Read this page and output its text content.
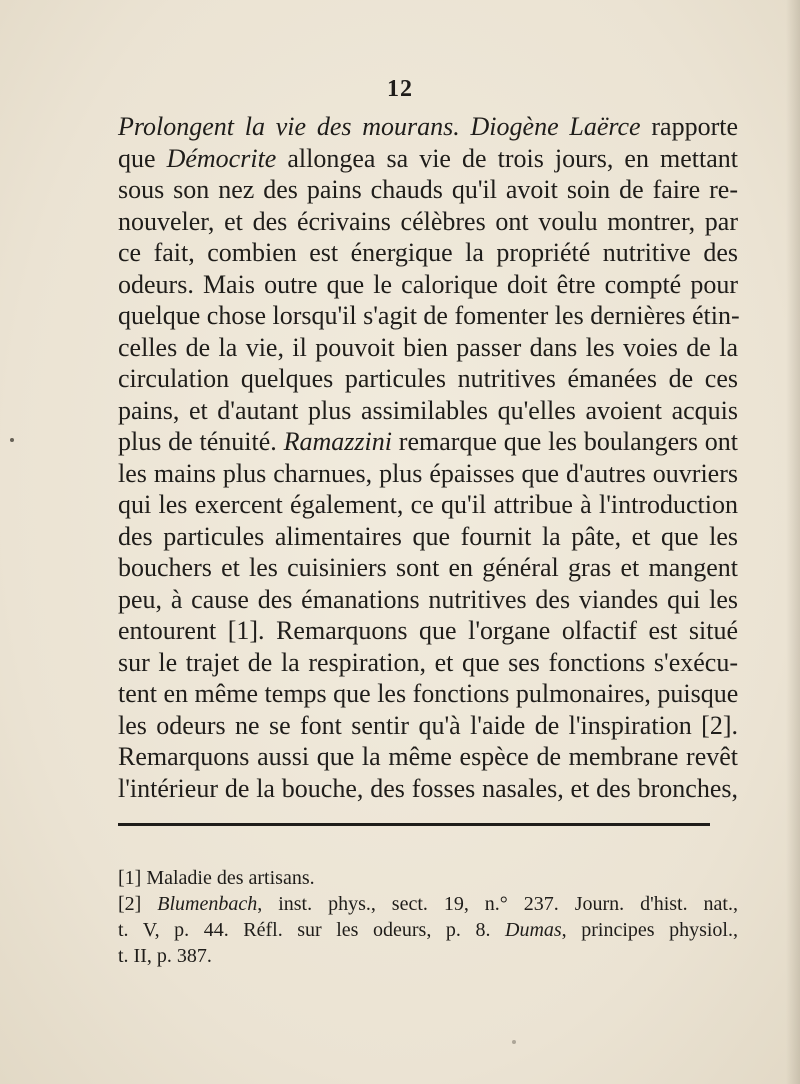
12
Prolongent la vie des mourans. Diogène Laërce rapporte
que Démocrite allongea sa vie de trois jours, en mettant
sous son nez des pains chauds qu'il avoit soin de faire re-
nouveler, et des écrivains célèbres ont voulu montrer, par
ce fait, combien est énergique la propriété nutritive des
odeurs. Mais outre que le calorique doit être compté pour
quelque chose lorsqu'il s'agit de fomenter les dernières étin-
celles de la vie, il pouvoit bien passer dans les voies de la
circulation quelques particules nutritives émanées de ces
pains, et d'autant plus assimilables qu'elles avoient acquis
plus de ténuité. Ramazzini remarque que les boulangers ont
les mains plus charnues, plus épaisses que d'autres ouvriers
qui les exercent également, ce qu'il attribue à l'introduction
des particules alimentaires que fournit la pâte, et que les
bouchers et les cuisiniers sont en général gras et mangent
peu, à cause des émanations nutritives des viandes qui les
entourent [1]. Remarquons que l'organe olfactif est situé
sur le trajet de la respiration, et que ses fonctions s'exécu-
tent en même temps que les fonctions pulmonaires, puisque
les odeurs ne se font sentir qu'à l'aide de l'inspiration [2].
Remarquons aussi que la même espèce de membrane revêt
l'intérieur de la bouche, des fosses nasales, et des bronches,
[1] Maladie des artisans.
[2] Blumenbach, inst. phys., sect. 19, n.° 237. Journ. d'hist. nat.,
t. V, p. 44. Réfl. sur les odeurs, p. 8. Dumas, principes physiol.,
t. II, p. 387.
